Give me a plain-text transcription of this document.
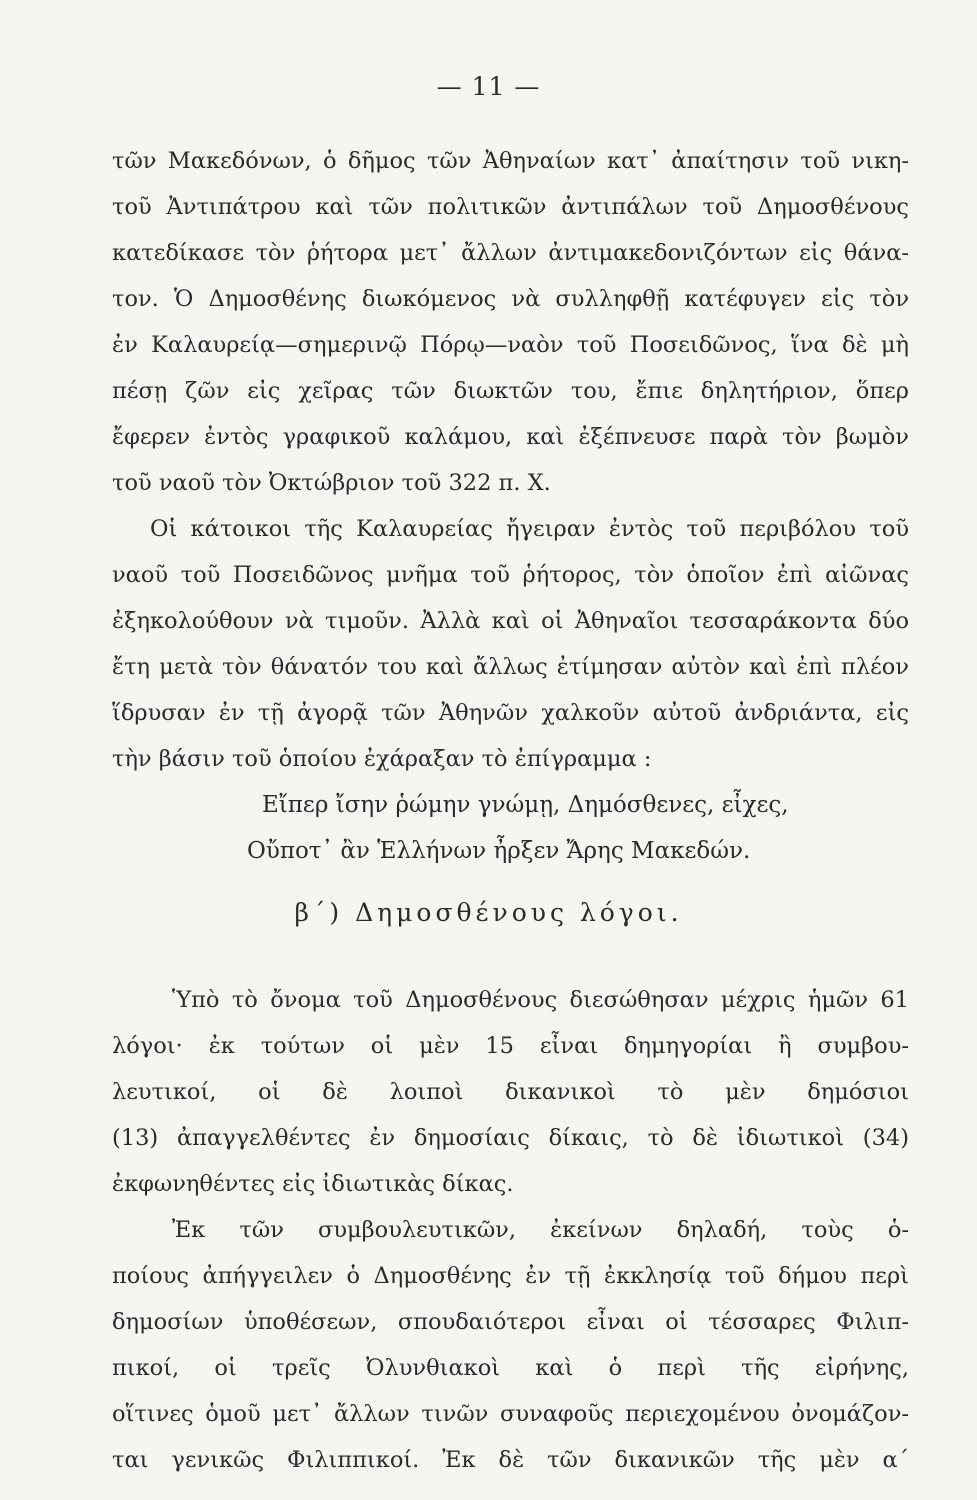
— 11 —
τῶν Μακεδόνων, ὁ δῆμος τῶν Ἀθηναίων κατ᾽ ἀπαίτησιν τοῦ νικη-
τοῦ Ἀντιπάτρου καὶ τῶν πολιτικῶν ἀντιπάλων τοῦ Δημοσθένους
κατεδίκασε τὸν ῥήτορα μετ᾽ ἄλλων ἀντιμακεδονιζόντων εἰς θάνα-
τον. Ὁ Δημοσθένης διωκόμενος νὰ συλληφθῇ κατέφυγεν εἰς τὸν
ἐν Καλαυρείᾳ—σημερινῷ Πόρῳ—ναὸν τοῦ Ποσειδῶνος, ἵνα δὲ μὴ
πέσῃ ζῶν εἰς χεῖρας τῶν διωκτῶν του, ἔπιε δηλητήριον, ὅπερ
ἔφερεν ἐντὸς γραφικοῦ καλάμου, καὶ ἐξέπνευσε παρὰ τὸν βωμὸν
τοῦ ναοῦ τὸν Ὀκτώβριον τοῦ 322 π. Χ.
Οἱ κάτοικοι τῆς Καλαυρείας ἤγειραν ἐντὸς τοῦ περιβόλου τοῦ
ναοῦ τοῦ Ποσειδῶνος μνῆμα τοῦ ῥήτορος, τὸν ὁποῖον ἐπὶ αἰῶνας
ἐξηκολούθουν νὰ τιμοῦν. Ἀλλὰ καὶ οἱ Ἀθηναῖοι τεσσαράκοντα δύο
ἔτη μετὰ τὸν θάνατόν του καὶ ἄλλως ἐτίμησαν αὐτὸν καὶ ἐπὶ πλέον
ἵδρυσαν ἐν τῇ ἀγορᾷ τῶν Ἀθηνῶν χαλκοῦν αὐτοῦ ἀνδριάντα, εἰς
τὴν βάσιν τοῦ ὁποίου ἐχάραξαν τὸ ἐπίγραμμα :
Εἴπερ ἴσην ῥώμην γνώμῃ, Δημόσθενες, εἶχες,
Οὔποτ᾽ ἂν Ἑλλήνων ἦρξεν Ἄρης Μακεδών.
β΄) Δημοσθένους λόγοι.
Ὑπὸ τὸ ὄνομα τοῦ Δημοσθένους διεσώθησαν μέχρις ἡμῶν 61
λόγοι· ἐκ τούτων οἱ μὲν 15 εἶναι δημηγορίαι ἢ συμβου-
λευτικοί, οἱ δὲ λοιποὶ δικανικοὶ τὸ μὲν δημόσιοι
(13) ἀπαγγελθέντες ἐν δημοσίαις δίκαις, τὸ δὲ ἰδιωτικοὶ (34)
ἐκφωνηθέντες εἰς ἰδιωτικὰς δίκας.
Ἐκ τῶν συμβουλευτικῶν, ἐκείνων δηλαδή, τοὺς ὁ-
ποίους ἀπήγγειλεν ὁ Δημοσθένης ἐν τῇ ἐκκλησίᾳ τοῦ δήμου περὶ
δημοσίων ὑποθέσεων, σπουδαιότεροι εἶναι οἱ τέσσαρες Φιλιπ-
πικοί, οἱ τρεῖς Ὀλυνθιακοὶ καὶ ὁ περὶ τῆς εἰρήνης,
οἵτινες ὁμοῦ μετ᾽ ἄλλων τινῶν συναφοῦς περιεχομένου ὀνομάζον-
ται γενικῶς Φιλιππικοί. Ἐκ δὲ τῶν δικανικῶν τῆς μὲν α΄
